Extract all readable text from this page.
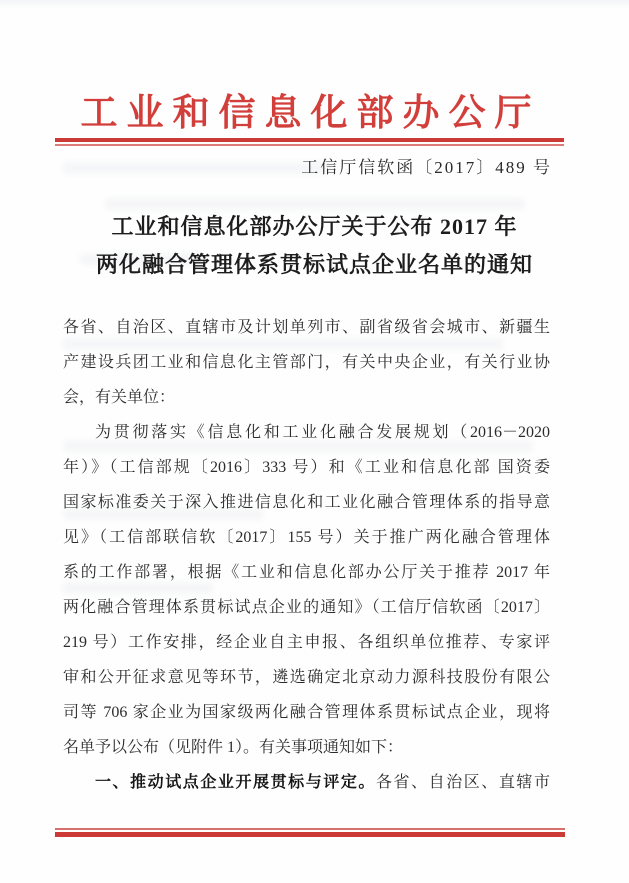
工业和信息化部办公厅
工信厅信软函〔2017〕489 号
工业和信息化部办公厅关于公布 2017 年
两化融合管理体系贯标试点企业名单的通知
各省、自治区、直辖市及计划单列市、副省级省会城市、新疆生
产建设兵团工业和信息化主管部门，有关中央企业，有关行业协
会，有关单位：
为贯彻落实《信息化和工业化融合发展规划（2016－2020
年）》（工信部规〔2016〕333 号）和《工业和信息化部 国资委
国家标准委关于深入推进信息化和工业化融合管理体系的指导意
见》（工信部联信软〔2017〕155 号）关于推广两化融合管理体
系的工作部署，根据《工业和信息化部办公厅关于推荐 2017 年
两化融合管理体系贯标试点企业的通知》（工信厅信软函〔2017〕
219 号）工作安排，经企业自主申报、各组织单位推荐、专家评
审和公开征求意见等环节，遴选确定北京动力源科技股份有限公
司等 706 家企业为国家级两化融合管理体系贯标试点企业，现将
名单予以公布（见附件 1）。有关事项通知如下：
一、推动试点企业开展贯标与评定。各省、自治区、直辖市
